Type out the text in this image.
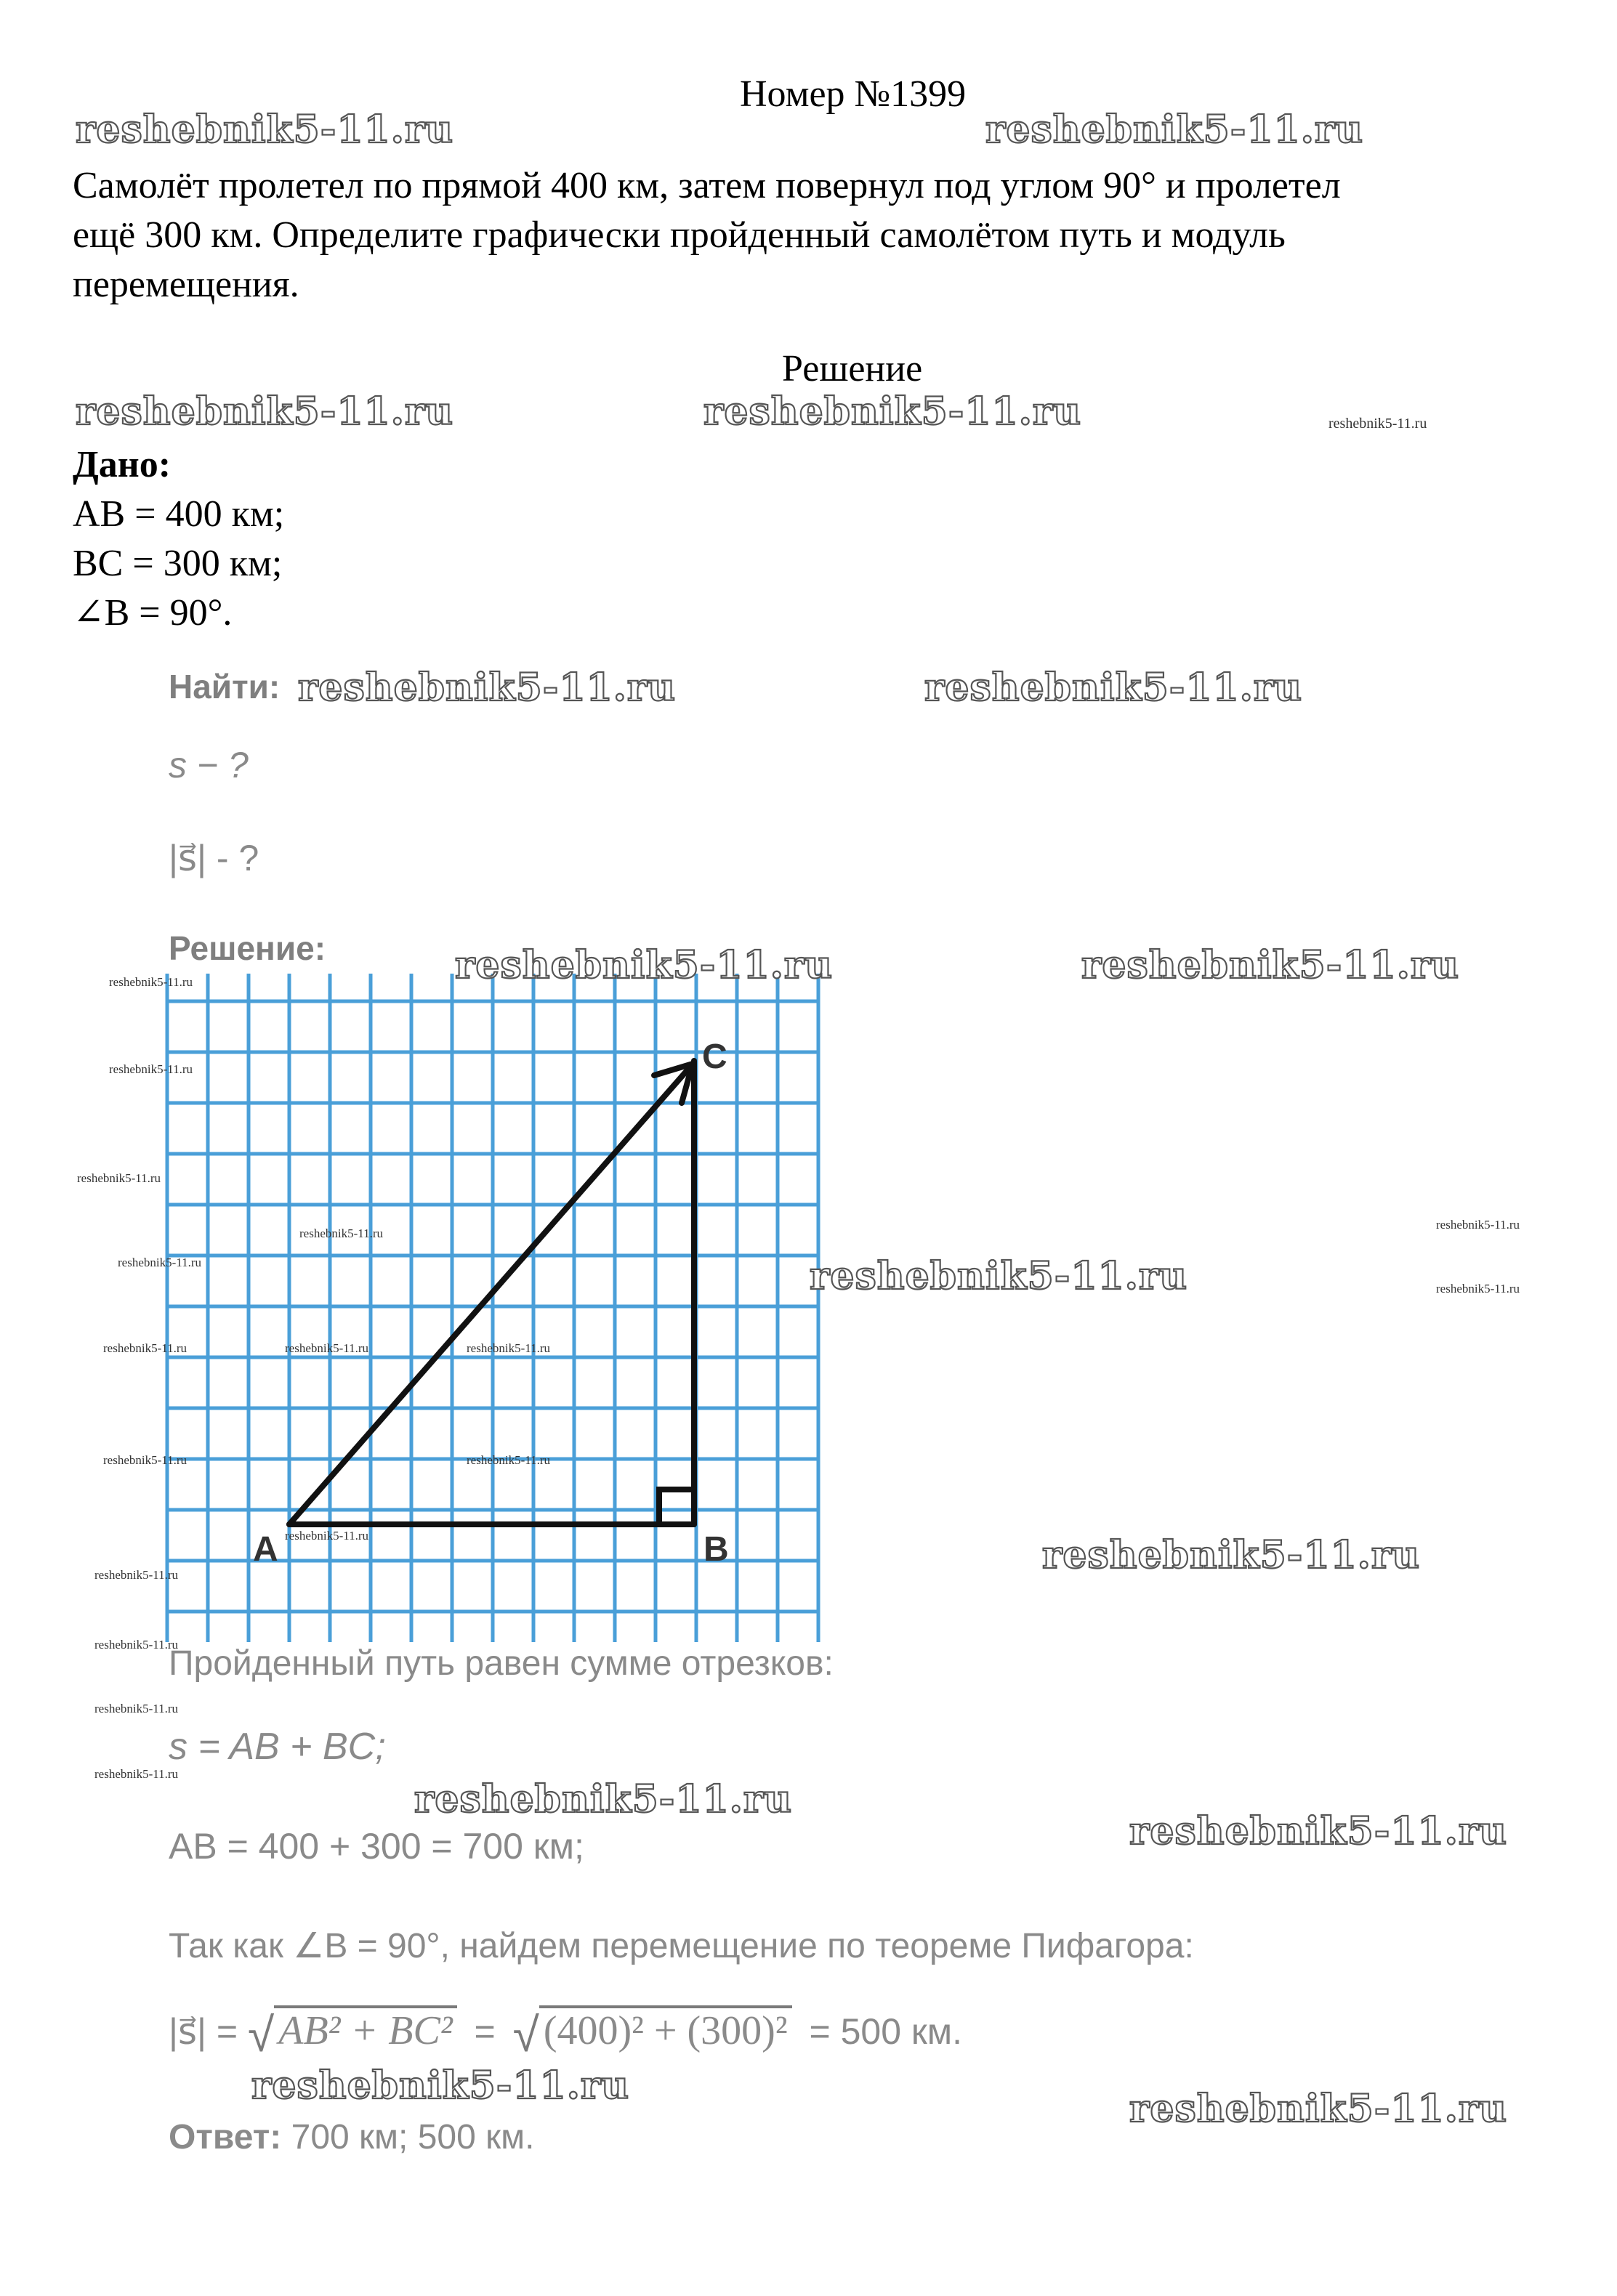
Номер №1399
Самолёт пролетел по прямой 400 км, затем повернул под углом 90° и пролетел
ещё 300 км. Определите графически пройденный самолётом путь и модуль
перемещения.
Решение
Дано:
AB = 400 км;
BC = 300 км;
∠B = 90°.
Найти:
s − ?
|s⃗| - ?
Решение:
A	B
C
Пройденный путь равен сумме отрезков:
s = AB + BC;
AB = 400 + 300 = 700 км;
Так как ∠B = 90°, найдем перемещение по теореме Пифагора:
|s⃗| = √ AB² + BC² = √ (400)² + (300)² = 500 км.
Ответ: 700 км; 500 км.
reshebnik5-11.ru	reshebnik5-11.ru
reshebnik5-11.ru	reshebnik5-11.ru
reshebnik5-11.ru	reshebnik5-11.ru
reshebnik5-11.ru	reshebnik5-11.ru
reshebnik5-11.ru
reshebnik5-11.ru
reshebnik5-11.ru
reshebnik5-11.ru
reshebnik5-11.ru
reshebnik5-11.ru
reshebnik5-11.ru
reshebnik5-11.ru
reshebnik5-11.ru
reshebnik5-11.ru
reshebnik5-11.ru
reshebnik5-11.ru
reshebnik5-11.ru
reshebnik5-11.ru
reshebnik5-11.ru	reshebnik5-11.ru	reshebnik5-11.ru
reshebnik5-11.ru	reshebnik5-11.ru
reshebnik5-11.ru
reshebnik5-11.ru
reshebnik5-11.ru
reshebnik5-11.ru
reshebnik5-11.ru
